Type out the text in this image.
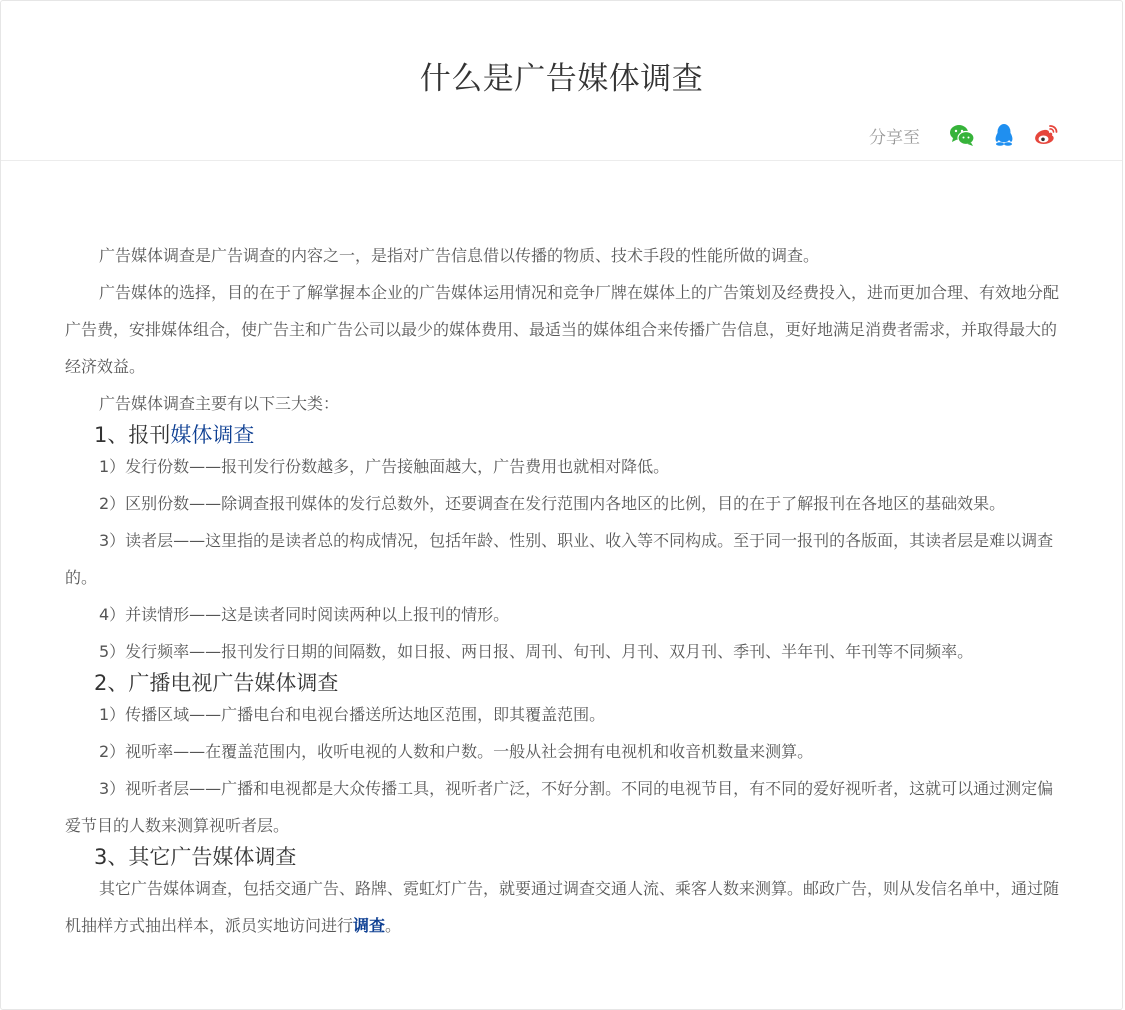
什么是广告媒体调查
分享至

广告媒体调查是广告调查的内容之一，是指对广告信息借以传播的物质、技术手段的性能所做的调查。

广告媒体的选择，目的在于了解掌握本企业的广告媒体运用情况和竞争厂牌在媒体上的广告策划及经费投入，进而更加合理、有效地分配广告费，安排媒体组合，使广告主和广告公司以最少的媒体费用、最适当的媒体组合来传播广告信息，更好地满足消费者需求，并取得最大的经济效益。

广告媒体调查主要有以下三大类：

1、报刊媒体调查

1）发行份数——报刊发行份数越多，广告接触面越大，广告费用也就相对降低。

2）区别份数——除调查报刊媒体的发行总数外，还要调查在发行范围内各地区的比例，目的在于了解报刊在各地区的基础效果。

3）读者层——这里指的是读者总的构成情况，包括年龄、性别、职业、收入等不同构成。至于同一报刊的各版面，其读者层是难以调查的。

4）并读情形——这是读者同时阅读两种以上报刊的情形。

5）发行频率——报刊发行日期的间隔数，如日报、两日报、周刊、旬刊、月刊、双月刊、季刊、半年刊、年刊等不同频率。

2、广播电视广告媒体调查

1）传播区域——广播电台和电视台播送所达地区范围，即其覆盖范围。

2）视听率——在覆盖范围内，收听电视的人数和户数。一般从社会拥有电视机和收音机数量来测算。

3）视听者层——广播和电视都是大众传播工具，视听者广泛，不好分割。不同的电视节目，有不同的爱好视听者，这就可以通过测定偏爱节目的人数来测算视听者层。

3、其它广告媒体调查

其它广告媒体调查，包括交通广告、路牌、霓虹灯广告，就要通过调查交通人流、乘客人数来测算。邮政广告，则从发信名单中，通过随机抽样方式抽出样本，派员实地访问进行调查。
